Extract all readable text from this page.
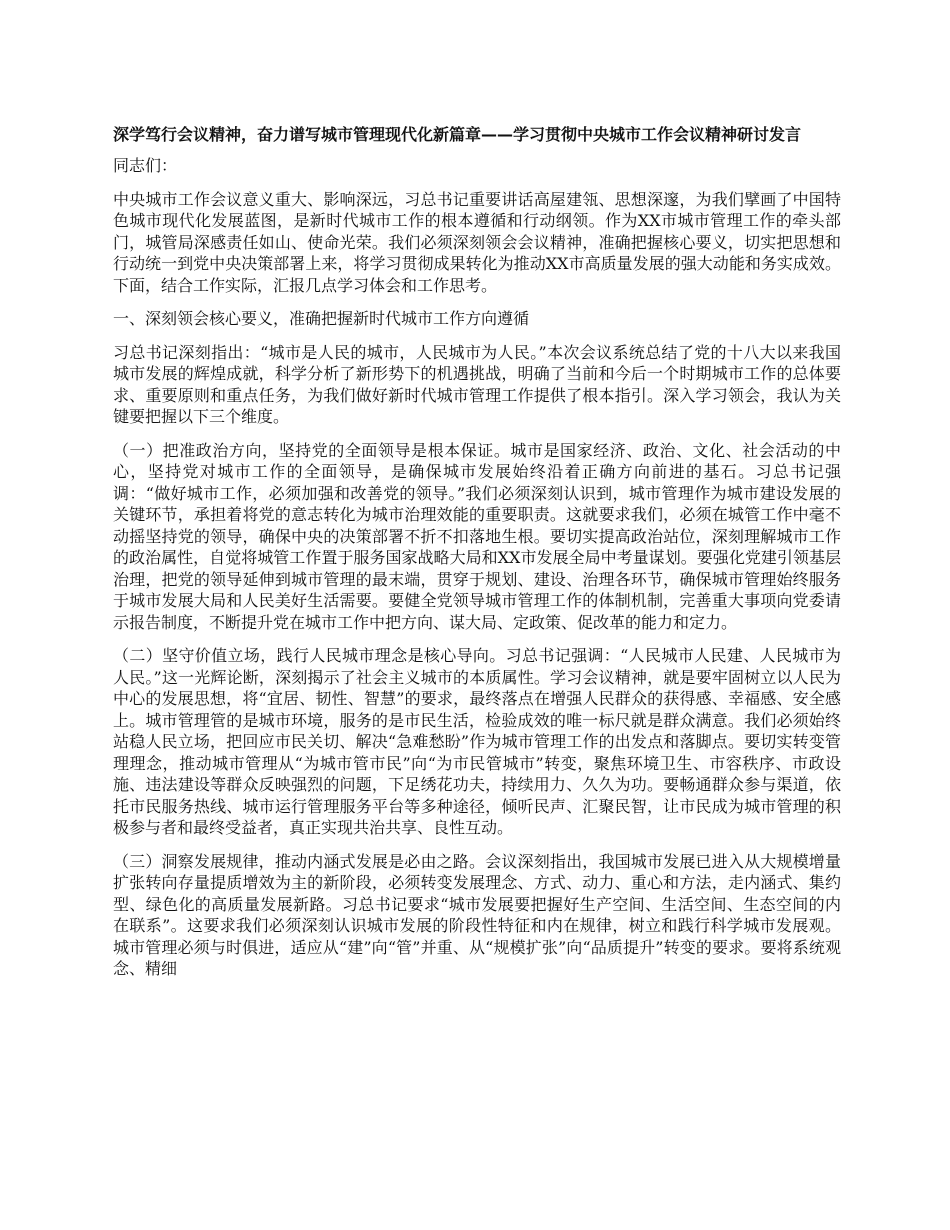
深学笃行会议精神，奋力谱写城市管理现代化新篇章——学习贯彻中央城市工作会议精神研讨发言

同志们：

中央城市工作会议意义重大、影响深远，习总书记重要讲话高屋建瓴、思想深邃，为我们擘画了中国特色城市现代化发展蓝图，是新时代城市工作的根本遵循和行动纲领。作为XX市城市管理工作的牵头部门，城管局深感责任如山、使命光荣。我们必须深刻领会会议精神，准确把握核心要义，切实把思想和行动统一到党中央决策部署上来，将学习贯彻成果转化为推动XX市高质量发展的强大动能和务实成效。下面，结合工作实际，汇报几点学习体会和工作思考。

一、深刻领会核心要义，准确把握新时代城市工作方向遵循

习总书记深刻指出：“城市是人民的城市，人民城市为人民。”本次会议系统总结了党的十八大以来我国城市发展的辉煌成就，科学分析了新形势下的机遇挑战，明确了当前和今后一个时期城市工作的总体要求、重要原则和重点任务，为我们做好新时代城市管理工作提供了根本指引。深入学习领会，我认为关键要把握以下三个维度。

（一）把准政治方向，坚持党的全面领导是根本保证。城市是国家经济、政治、文化、社会活动的中心，坚持党对城市工作的全面领导，是确保城市发展始终沿着正确方向前进的基石。习总书记强调：“做好城市工作，必须加强和改善党的领导。”我们必须深刻认识到，城市管理作为城市建设发展的关键环节，承担着将党的意志转化为城市治理效能的重要职责。这就要求我们，必须在城管工作中毫不动摇坚持党的领导，确保中央的决策部署不折不扣落地生根。要切实提高政治站位，深刻理解城市工作的政治属性，自觉将城管工作置于服务国家战略大局和XX市发展全局中考量谋划。要强化党建引领基层治理，把党的领导延伸到城市管理的最末端，贯穿于规划、建设、治理各环节，确保城市管理始终服务于城市发展大局和人民美好生活需要。要健全党领导城市管理工作的体制机制，完善重大事项向党委请示报告制度，不断提升党在城市工作中把方向、谋大局、定政策、促改革的能力和定力。

（二）坚守价值立场，践行人民城市理念是核心导向。习总书记强调：“人民城市人民建、人民城市为人民。”这一光辉论断，深刻揭示了社会主义城市的本质属性。学习会议精神，就是要牢固树立以人民为中心的发展思想，将“宜居、韧性、智慧”的要求，最终落点在增强人民群众的获得感、幸福感、安全感上。城市管理管的是城市环境，服务的是市民生活，检验成效的唯一标尺就是群众满意。我们必须始终站稳人民立场，把回应市民关切、解决“急难愁盼”作为城市管理工作的出发点和落脚点。要切实转变管理理念，推动城市管理从“为城市管市民”向“为市民管城市”转变，聚焦环境卫生、市容秩序、市政设施、违法建设等群众反映强烈的问题，下足绣花功夫，持续用力、久久为功。要畅通群众参与渠道，依托市民服务热线、城市运行管理服务平台等多种途径，倾听民声、汇聚民智，让市民成为城市管理的积极参与者和最终受益者，真正实现共治共享、良性互动。

（三）洞察发展规律，推动内涵式发展是必由之路。会议深刻指出，我国城市发展已进入从大规模增量扩张转向存量提质增效为主的新阶段，必须转变发展理念、方式、动力、重心和方法，走内涵式、集约型、绿色化的高质量发展新路。习总书记要求“城市发展要把握好生产空间、生活空间、生态空间的内在联系”。这要求我们必须深刻认识城市发展的阶段性特征和内在规律，树立和践行科学城市发展观。城市管理必须与时俱进，适应从“建”向“管”并重、从“规模扩张”向“品质提升”转变的要求。要将系统观念、精细
